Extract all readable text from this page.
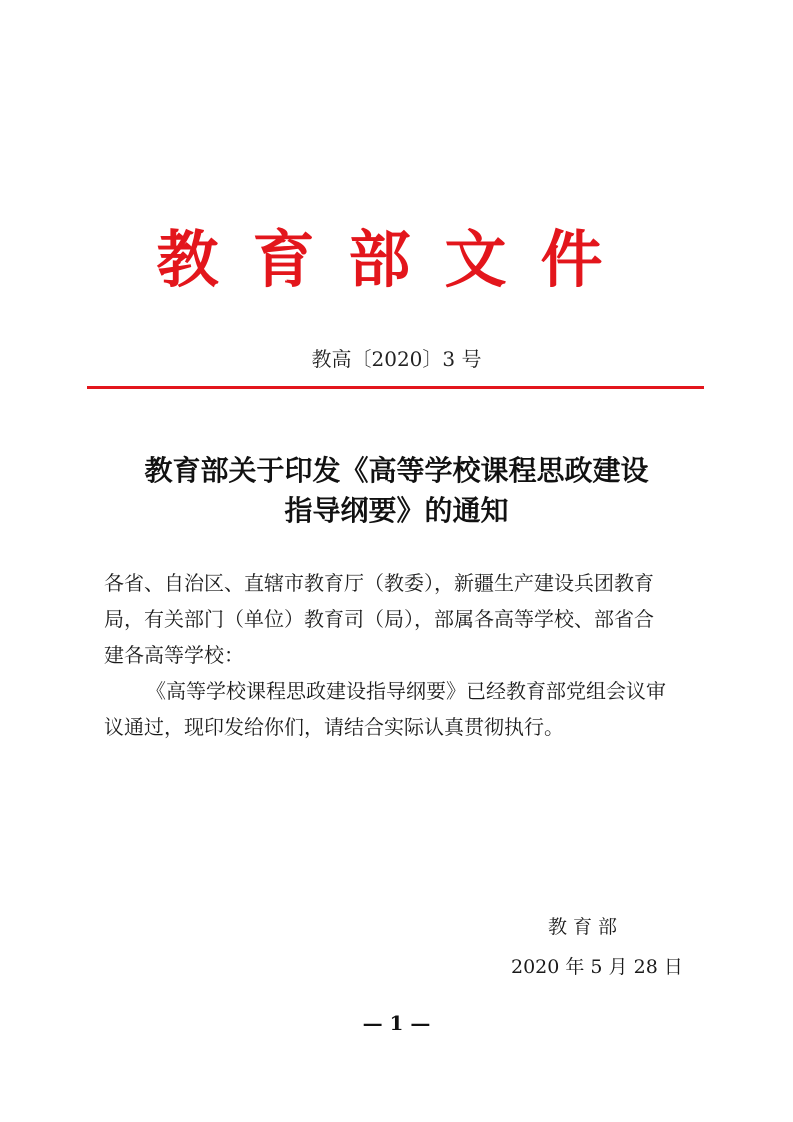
教育部文件
教高〔2020〕3 号
教育部关于印发《高等学校课程思政建设
指导纲要》的通知
各省、自治区、直辖市教育厅（教委），新疆生产建设兵团教育
局，有关部门（单位）教育司（局），部属各高等学校、部省合
建各高等学校：
《高等学校课程思政建设指导纲要》已经教育部党组会议审
议通过，现印发给你们，请结合实际认真贯彻执行。
教育部
2020 年 5 月 28 日
— 1 —
